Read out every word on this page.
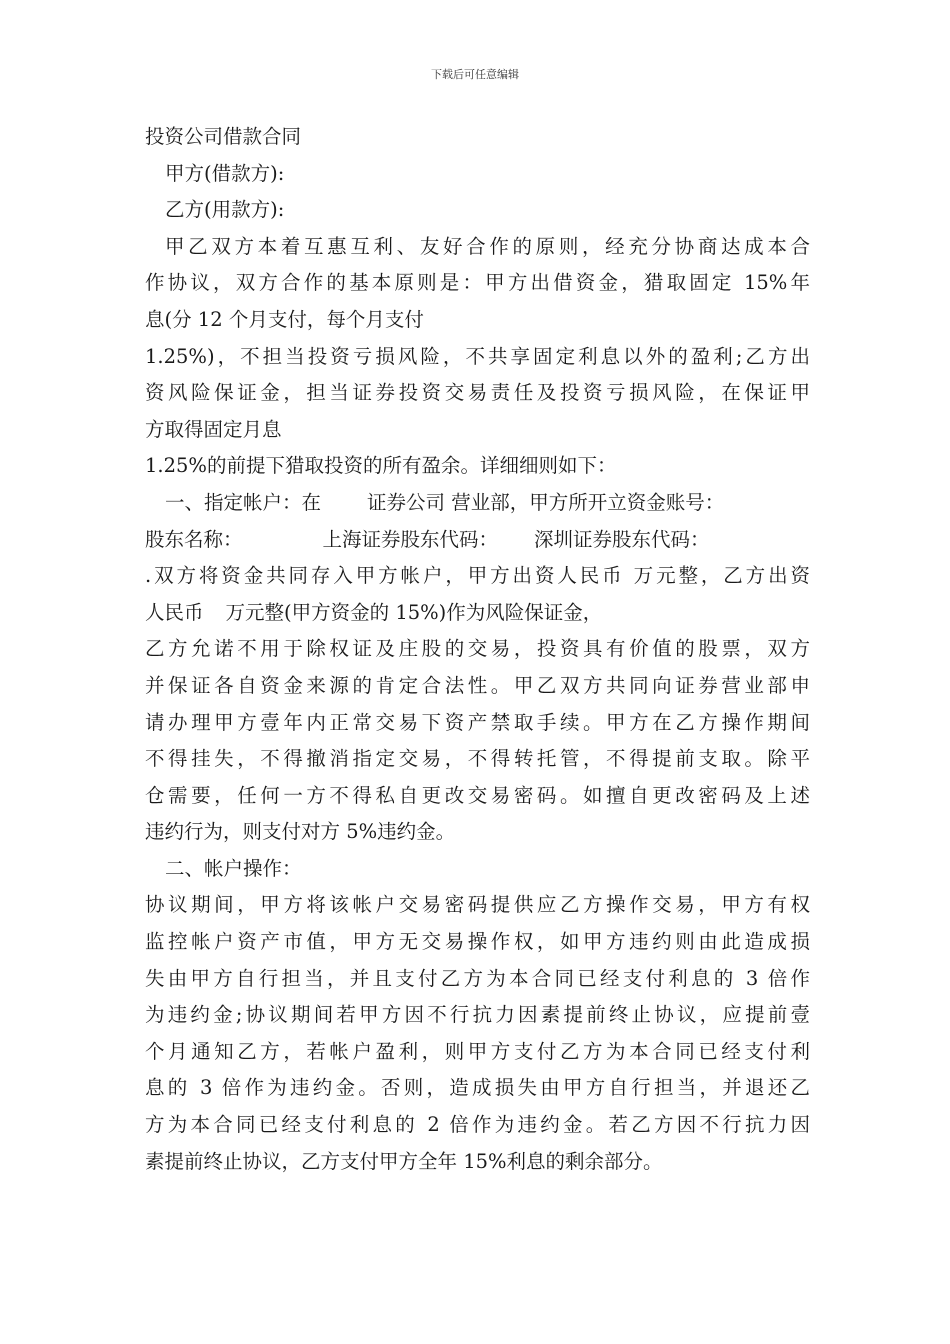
下载后可任意编辑
投资公司借款合同
甲方(借款方):
乙方(用款方):
甲乙双方本着互惠互利、友好合作的原则，经充分协商达成本合
作协议，双方合作的基本原则是：甲方出借资金，猎取固定 15%年
息(分 12 个月支付，每个月支付
1.25%)，不担当投资亏损风险，不共享固定利息以外的盈利;乙方出
资风险保证金，担当证券投资交易责任及投资亏损风险，在保证甲
方取得固定月息
1.25%的前提下猎取投资的所有盈余。详细细则如下：
一、指定帐户：在 证券公司 营业部，甲方所开立资金账号：
股东名称：	上海证券股东代码： 深圳证券股东代码：
.双方将资金共同存入甲方帐户，甲方出资人民币 万元整，乙方出资
人民币 万元整(甲方资金的 15%)作为风险保证金，
乙方允诺不用于除权证及庄股的交易，投资具有价值的股票，双方
并保证各自资金来源的肯定合法性。甲乙双方共同向证券营业部申
请办理甲方壹年内正常交易下资产禁取手续。甲方在乙方操作期间
不得挂失，不得撤消指定交易，不得转托管，不得提前支取。除平
仓需要，任何一方不得私自更改交易密码。如擅自更改密码及上述
违约行为，则支付对方 5%违约金。
二、帐户操作：
协议期间，甲方将该帐户交易密码提供应乙方操作交易，甲方有权
监控帐户资产市值，甲方无交易操作权，如甲方违约则由此造成损
失由甲方自行担当，并且支付乙方为本合同已经支付利息的 3 倍作
为违约金;协议期间若甲方因不行抗力因素提前终止协议，应提前壹
个月通知乙方，若帐户盈利，则甲方支付乙方为本合同已经支付利
息的 3 倍作为违约金。否则，造成损失由甲方自行担当，并退还乙
方为本合同已经支付利息的 2 倍作为违约金。若乙方因不行抗力因
素提前终止协议，乙方支付甲方全年 15%利息的剩余部分。
